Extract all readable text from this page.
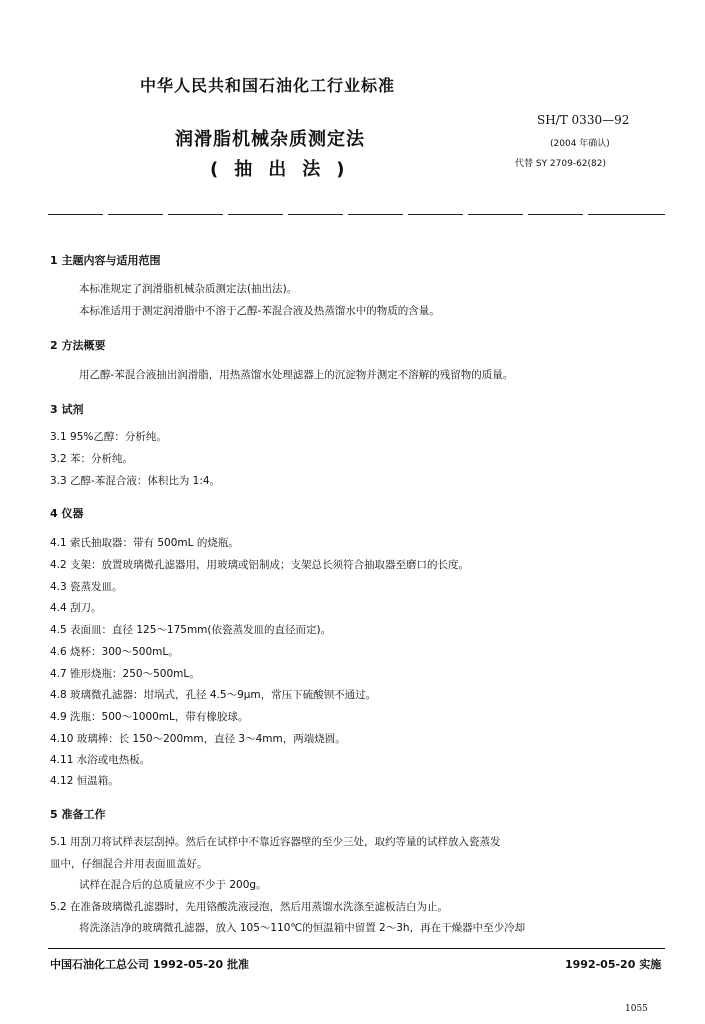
中华人民共和国石油化工行业标准
润滑脂机械杂质测定法
(抽出法)
SH/T 0330—92
(2004 年确认)
代替 SY 2709-62(82)
1 主题内容与适用范围
本标准规定了润滑脂机械杂质测定法(抽出法)。
本标准适用于测定润滑脂中不溶于乙醇-苯混合液及热蒸馏水中的物质的含量。
2 方法概要
用乙醇-苯混合液抽出润滑脂，用热蒸馏水处理滤器上的沉淀物并测定不溶解的残留物的质量。
3 试剂
3.1 95%乙醇：分析纯。
3.2 苯：分析纯。
3.3 乙醇-苯混合液：体积比为 1:4。
4 仪器
4.1 索氏抽取器：带有 500mL 的烧瓶。
4.2 支架：放置玻璃微孔滤器用，用玻璃或铝制成；支架总长须符合抽取器至磨口的长度。
4.3 瓷蒸发皿。
4.4 刮刀。
4.5 表面皿：直径 125～175mm(依瓷蒸发皿的直径而定)。
4.6 烧杯：300～500mL。
4.7 锥形烧瓶：250～500mL。
4.8 玻璃微孔滤器：坩埚式，孔径 4.5～9μm，常压下硫酸钡不通过。
4.9 洗瓶：500～1000mL，带有橡胶球。
4.10 玻璃棒：长 150～200mm，直径 3～4mm，两端烧圆。
4.11 水浴或电热板。
4.12 恒温箱。
5 准备工作
5.1 用刮刀将试样表层刮掉。然后在试样中不靠近容器壁的至少三处，取约等量的试样放入瓷蒸发
皿中，仔细混合并用表面皿盖好。
试样在混合后的总质量应不少于 200g。
5.2 在准备玻璃微孔滤器时，先用铬酸洗液浸泡，然后用蒸馏水洗涤至滤板洁白为止。
将洗涤洁净的玻璃微孔滤器，放入 105～110℃的恒温箱中留置 2～3h，再在干燥器中至少冷却
中国石油化工总公司 1992-05-20 批准	1992-05-20 实施
1055
